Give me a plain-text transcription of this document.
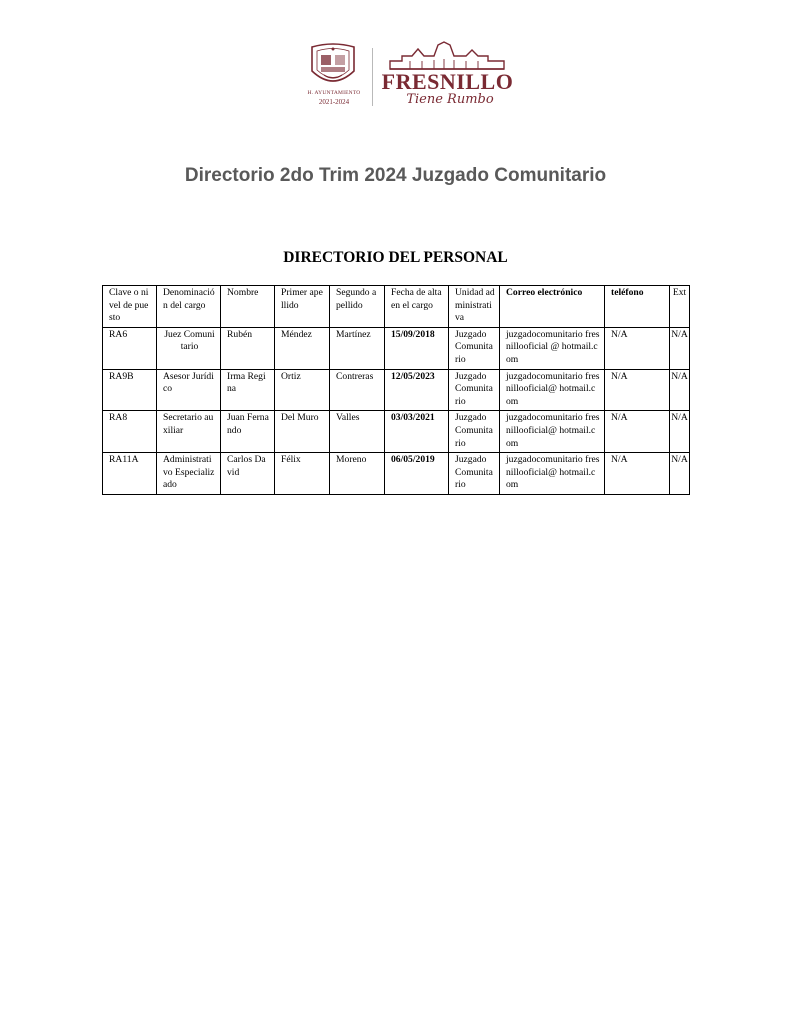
H. AYUNTAMIENTO
2021-2024
FRESNILLO
Tiene Rumbo
Directorio 2do Trim 2024 Juzgado Comunitario
DIRECTORIO DEL PERSONAL
Clave o nivel de puesto	Denominación del cargo	Nombre	Primer apellido	Segundo apellido	Fecha de alta en el cargo	Unidad administrativa	Correo electrónico	teléfono	Ext
RA6	Juez Comunitario	Rubén	Méndez	Martínez	15/09/2018	Juzgado Comunitario	juzgadocomunitario fresnillooficial @ hotmail.com	N/A	N/A
RA9B	Asesor Jurídico	Irma Regina	Ortiz	Contreras	12/05/2023	Juzgado Comunitario	juzgadocomunitario fresnillooficial@ hotmail.com	N/A	N/A
RA8	Secretario auxiliar	Juan Fernando	Del Muro	Valles	03/03/2021	Juzgado Comunitario	juzgadocomunitario fresnillooficial@ hotmail.com	N/A	N/A
RA11A	Administrativo Especializado	Carlos David	Félix	Moreno	06/05/2019	Juzgado Comunitario	juzgadocomunitario fresnillooficial@ hotmail.com	N/A	N/A
